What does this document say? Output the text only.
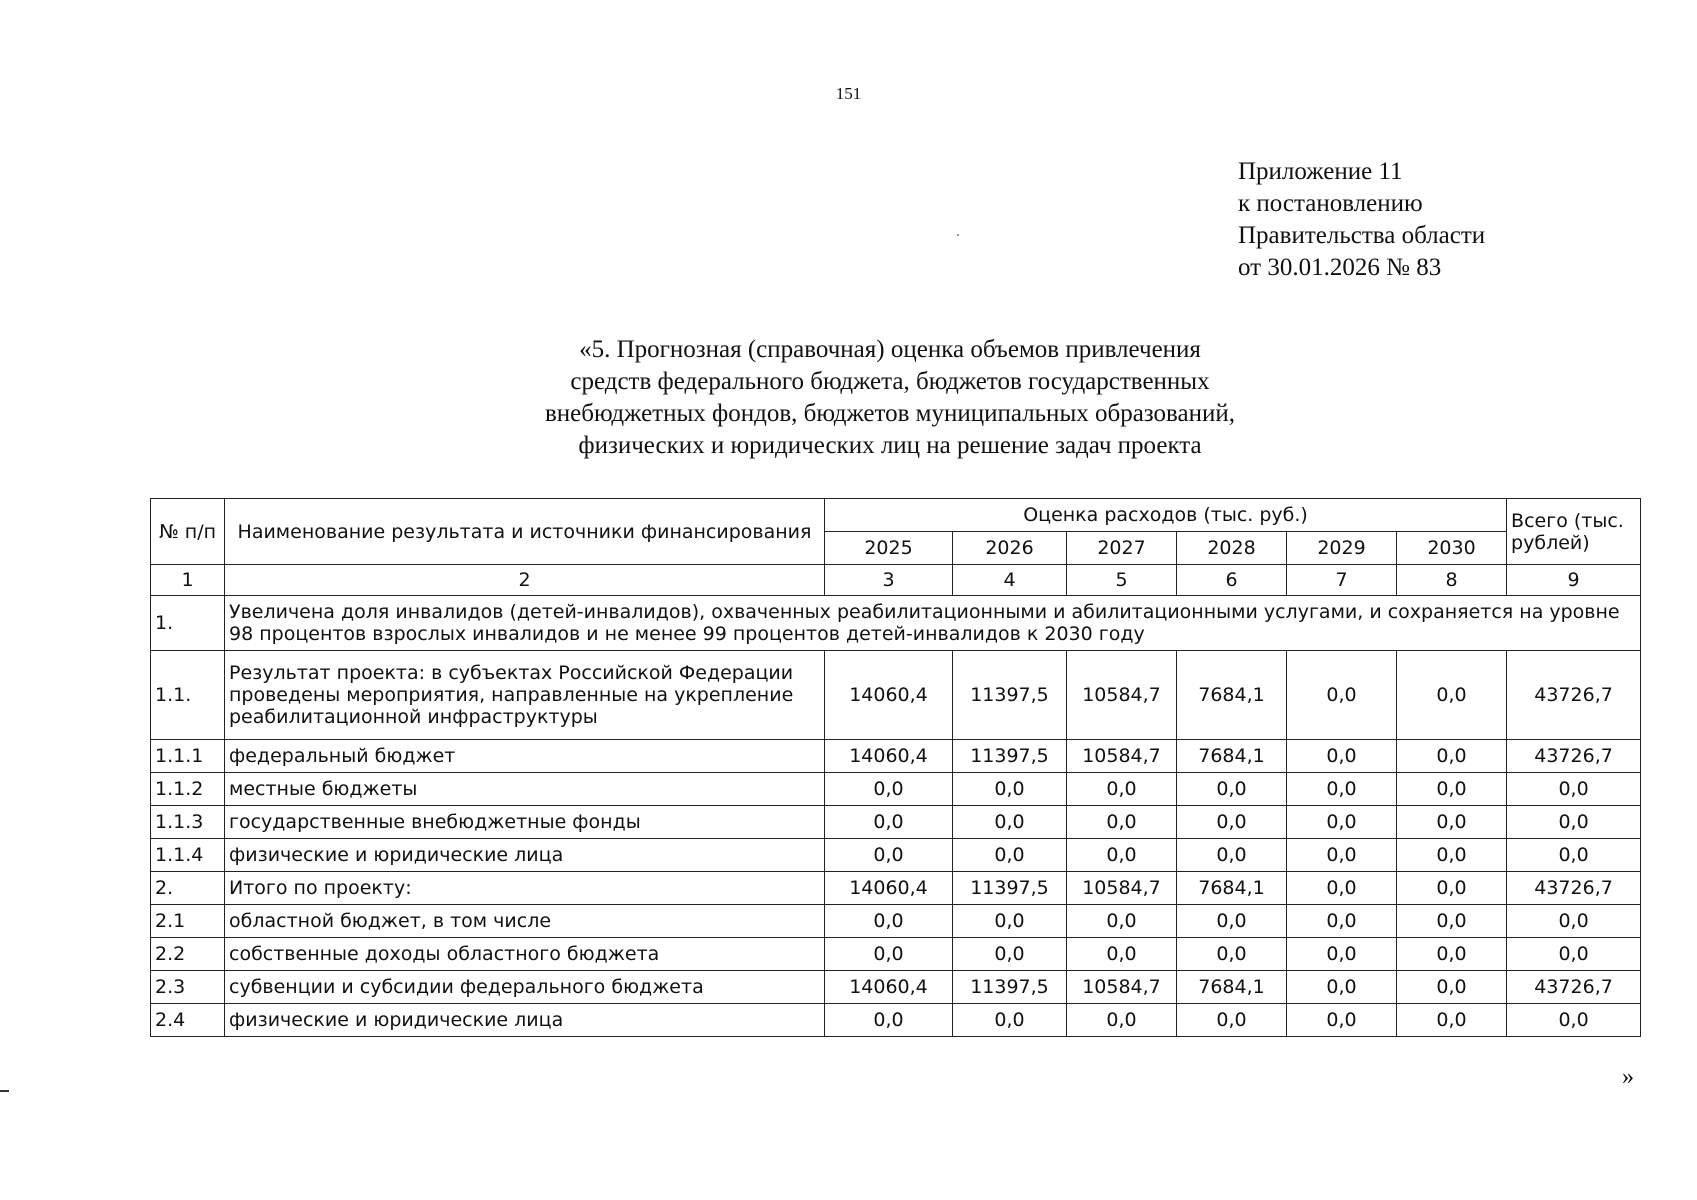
151
Приложение 11
к постановлению
Правительства области
от 30.01.2026 № 83
«5. Прогнозная (справочная) оценка объемов привлечения
средств федерального бюджета, бюджетов государственных
внебюджетных фондов, бюджетов муниципальных образований,
физических и юридических лиц на решение задач проекта
№ п/п	Наименование результата и источники финансирования	Оценка расходов (тыс. руб.)						Всего (тыс. рублей)
		2025	2026	2027	2028	2029	2030	
1	2	3	4	5	6	7	8	9
1.	Увеличена доля инвалидов (детей-инвалидов), охваченных реабилитационными и абилитационными услугами, и сохраняется на уровне 98 процентов взрослых инвалидов и не менее 99 процентов детей-инвалидов к 2030 году							
1.1.	Результат проекта: в субъектах Российской Федерации проведены мероприятия, направленные на укрепление реабилитационной инфраструктуры	14060,4	11397,5	10584,7	7684,1	0,0	0,0	43726,7
1.1.1	федеральный бюджет	14060,4	11397,5	10584,7	7684,1	0,0	0,0	43726,7
1.1.2	местные бюджеты	0,0	0,0	0,0	0,0	0,0	0,0	0,0
1.1.3	государственные внебюджетные фонды	0,0	0,0	0,0	0,0	0,0	0,0	0,0
1.1.4	физические и юридические лица	0,0	0,0	0,0	0,0	0,0	0,0	0,0
2.	Итого по проекту:	14060,4	11397,5	10584,7	7684,1	0,0	0,0	43726,7
2.1	областной бюджет, в том числе	0,0	0,0	0,0	0,0	0,0	0,0	0,0
2.2	собственные доходы областного бюджета	0,0	0,0	0,0	0,0	0,0	0,0	0,0
2.3	субвенции и субсидии федерального бюджета	14060,4	11397,5	10584,7	7684,1	0,0	0,0	43726,7
2.4	физические и юридические лица	0,0	0,0	0,0	0,0	0,0	0,0	0,0
»
